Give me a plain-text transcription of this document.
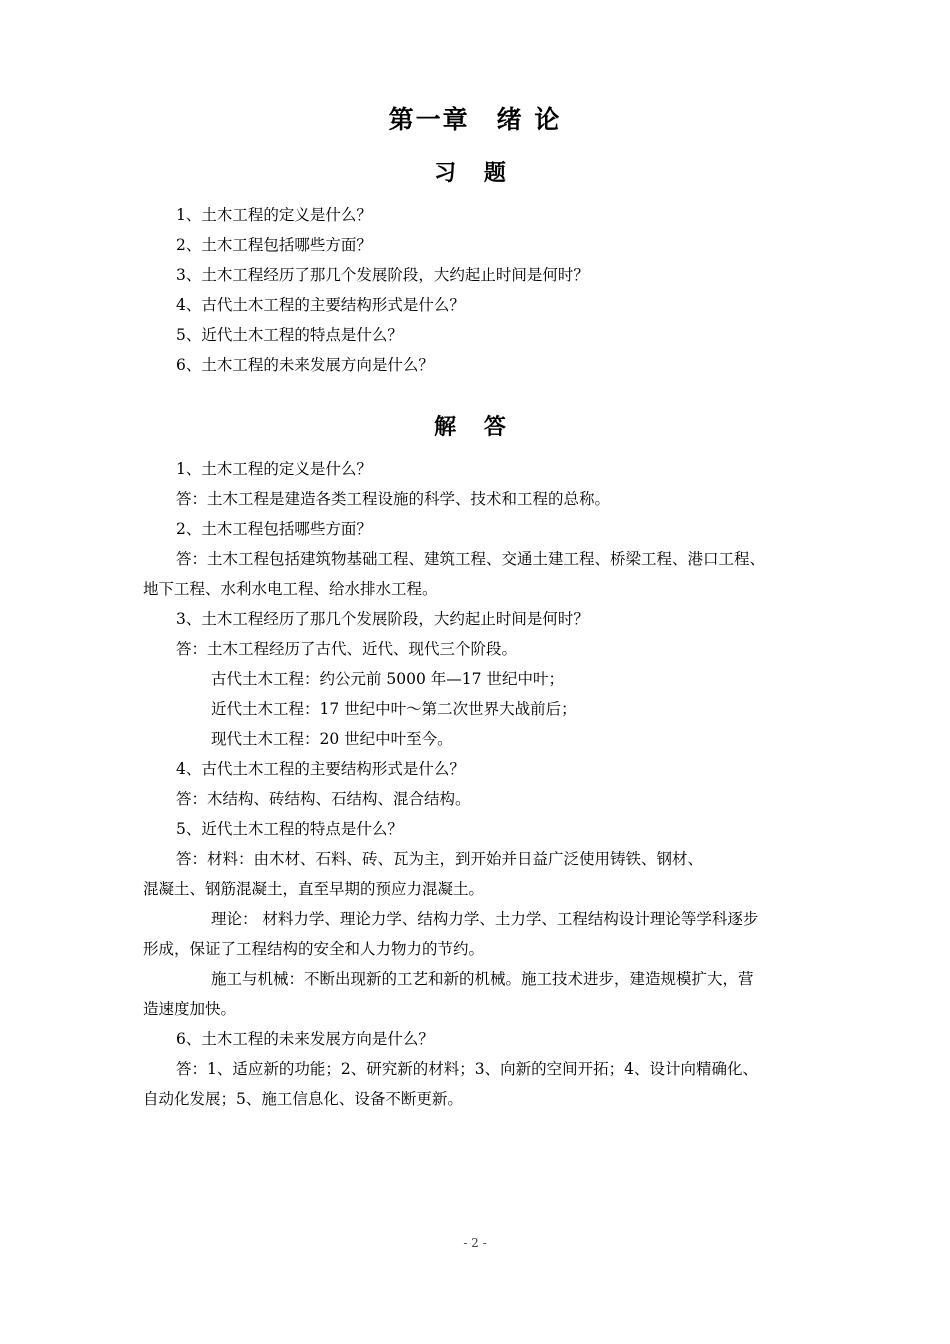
第一章　绪 论
习 题
1、土木工程的定义是什么？
2、土木工程包括哪些方面？
3、土木工程经历了那几个发展阶段，大约起止时间是何时？
4、古代土木工程的主要结构形式是什么？
5、近代土木工程的特点是什么？
6、土木工程的未来发展方向是什么？
解 答
1、土木工程的定义是什么？
答：土木工程是建造各类工程设施的科学、技术和工程的总称。
2、土木工程包括哪些方面？
答：土木工程包括建筑物基础工程、建筑工程、交通土建工程、桥梁工程、港口工程、
地下工程、水利水电工程、给水排水工程。
3、土木工程经历了那几个发展阶段，大约起止时间是何时？
答：土木工程经历了古代、近代、现代三个阶段。
古代土木工程：约公元前 5000 年—17 世纪中叶；
近代土木工程：17 世纪中叶～第二次世界大战前后；
现代土木工程：20 世纪中叶至今。
4、古代土木工程的主要结构形式是什么？
答：木结构、砖结构、石结构、混合结构。
5、近代土木工程的特点是什么？
答：材料：由木材、石料、砖、瓦为主，到开始并日益广泛使用铸铁、钢材、
混凝土、钢筋混凝土，直至早期的预应力混凝土。
理论： 材料力学、理论力学、结构力学、土力学、工程结构设计理论等学科逐步
形成，保证了工程结构的安全和人力物力的节约。
施工与机械：不断出现新的工艺和新的机械。施工技术进步，建造规模扩大，营
造速度加快。
6、土木工程的未来发展方向是什么？
答：1、适应新的功能；2、研究新的材料；3、向新的空间开拓；4、设计向精确化、
自动化发展；5、施工信息化、设备不断更新。
- 2 -
